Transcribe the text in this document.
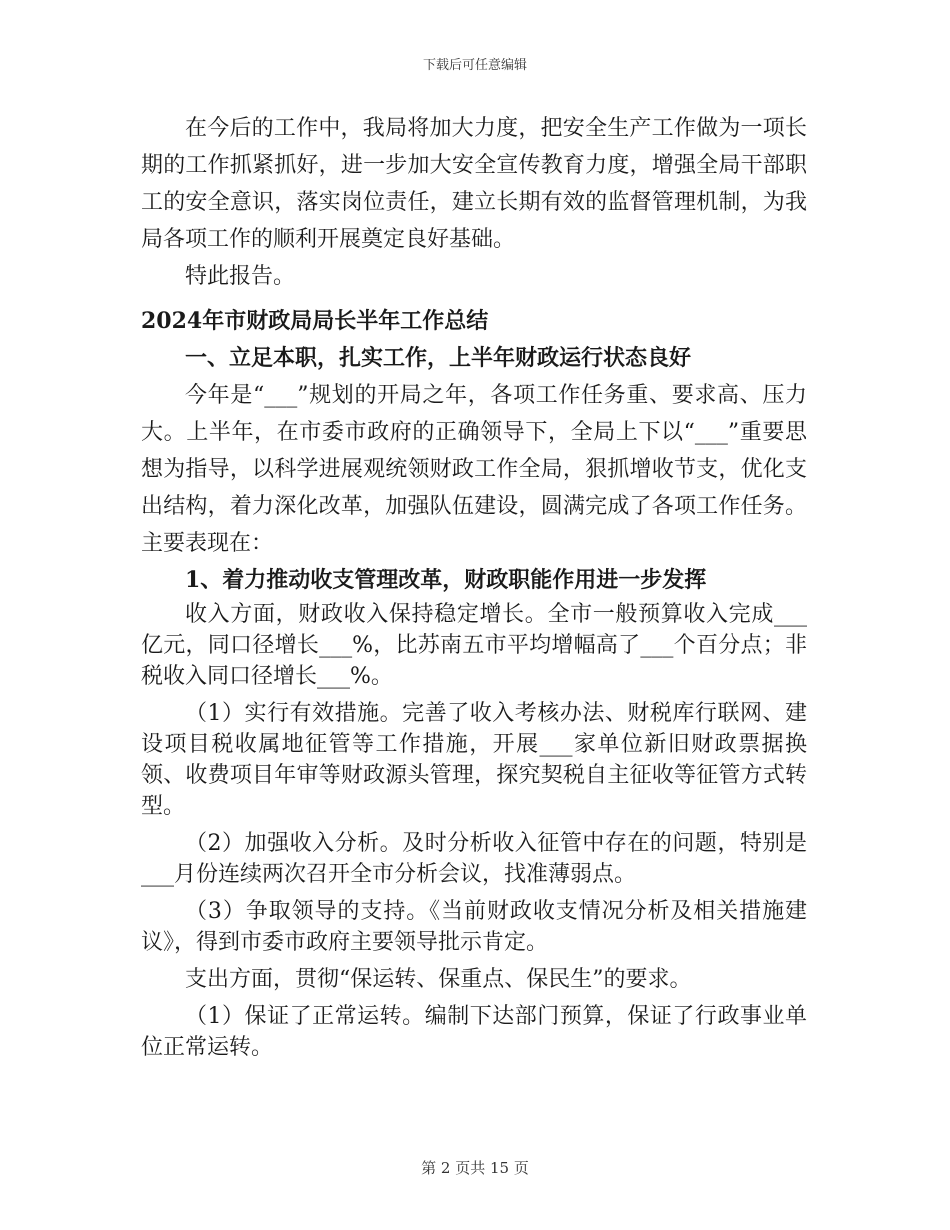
下载后可任意编辑

在今后的工作中，我局将加大力度，把安全生产工作做为一项长期的工作抓紧抓好，进一步加大安全宣传教育力度，增强全局干部职工的安全意识，落实岗位责任，建立长期有效的监督管理机制，为我局各项工作的顺利开展奠定良好基础。

特此报告。

2024年市财政局局长半年工作总结

一、立足本职，扎实工作，上半年财政运行状态良好

今年是“___”规划的开局之年，各项工作任务重、要求高、压力大。上半年，在市委市政府的正确领导下，全局上下以“___”重要思想为指导，以科学进展观统领财政工作全局，狠抓增收节支，优化支出结构，着力深化改革，加强队伍建设，圆满完成了各项工作任务。主要表现在：

1、着力推动收支管理改革，财政职能作用进一步发挥

收入方面，财政收入保持稳定增长。全市一般预算收入完成___亿元，同口径增长___%，比苏南五市平均增幅高了___个百分点；非税收入同口径增长___%。

（1）实行有效措施。完善了收入考核办法、财税库行联网、建设项目税收属地征管等工作措施，开展___家单位新旧财政票据换领、收费项目年审等财政源头管理，探究契税自主征收等征管方式转型。

（2）加强收入分析。及时分析收入征管中存在的问题，特别是___月份连续两次召开全市分析会议，找准薄弱点。

（3）争取领导的支持。《当前财政收支情况分析及相关措施建议》，得到市委市政府主要领导批示肯定。

支出方面，贯彻“保运转、保重点、保民生”的要求。

（1）保证了正常运转。编制下达部门预算，保证了行政事业单位正常运转。

第 2 页共 15 页
